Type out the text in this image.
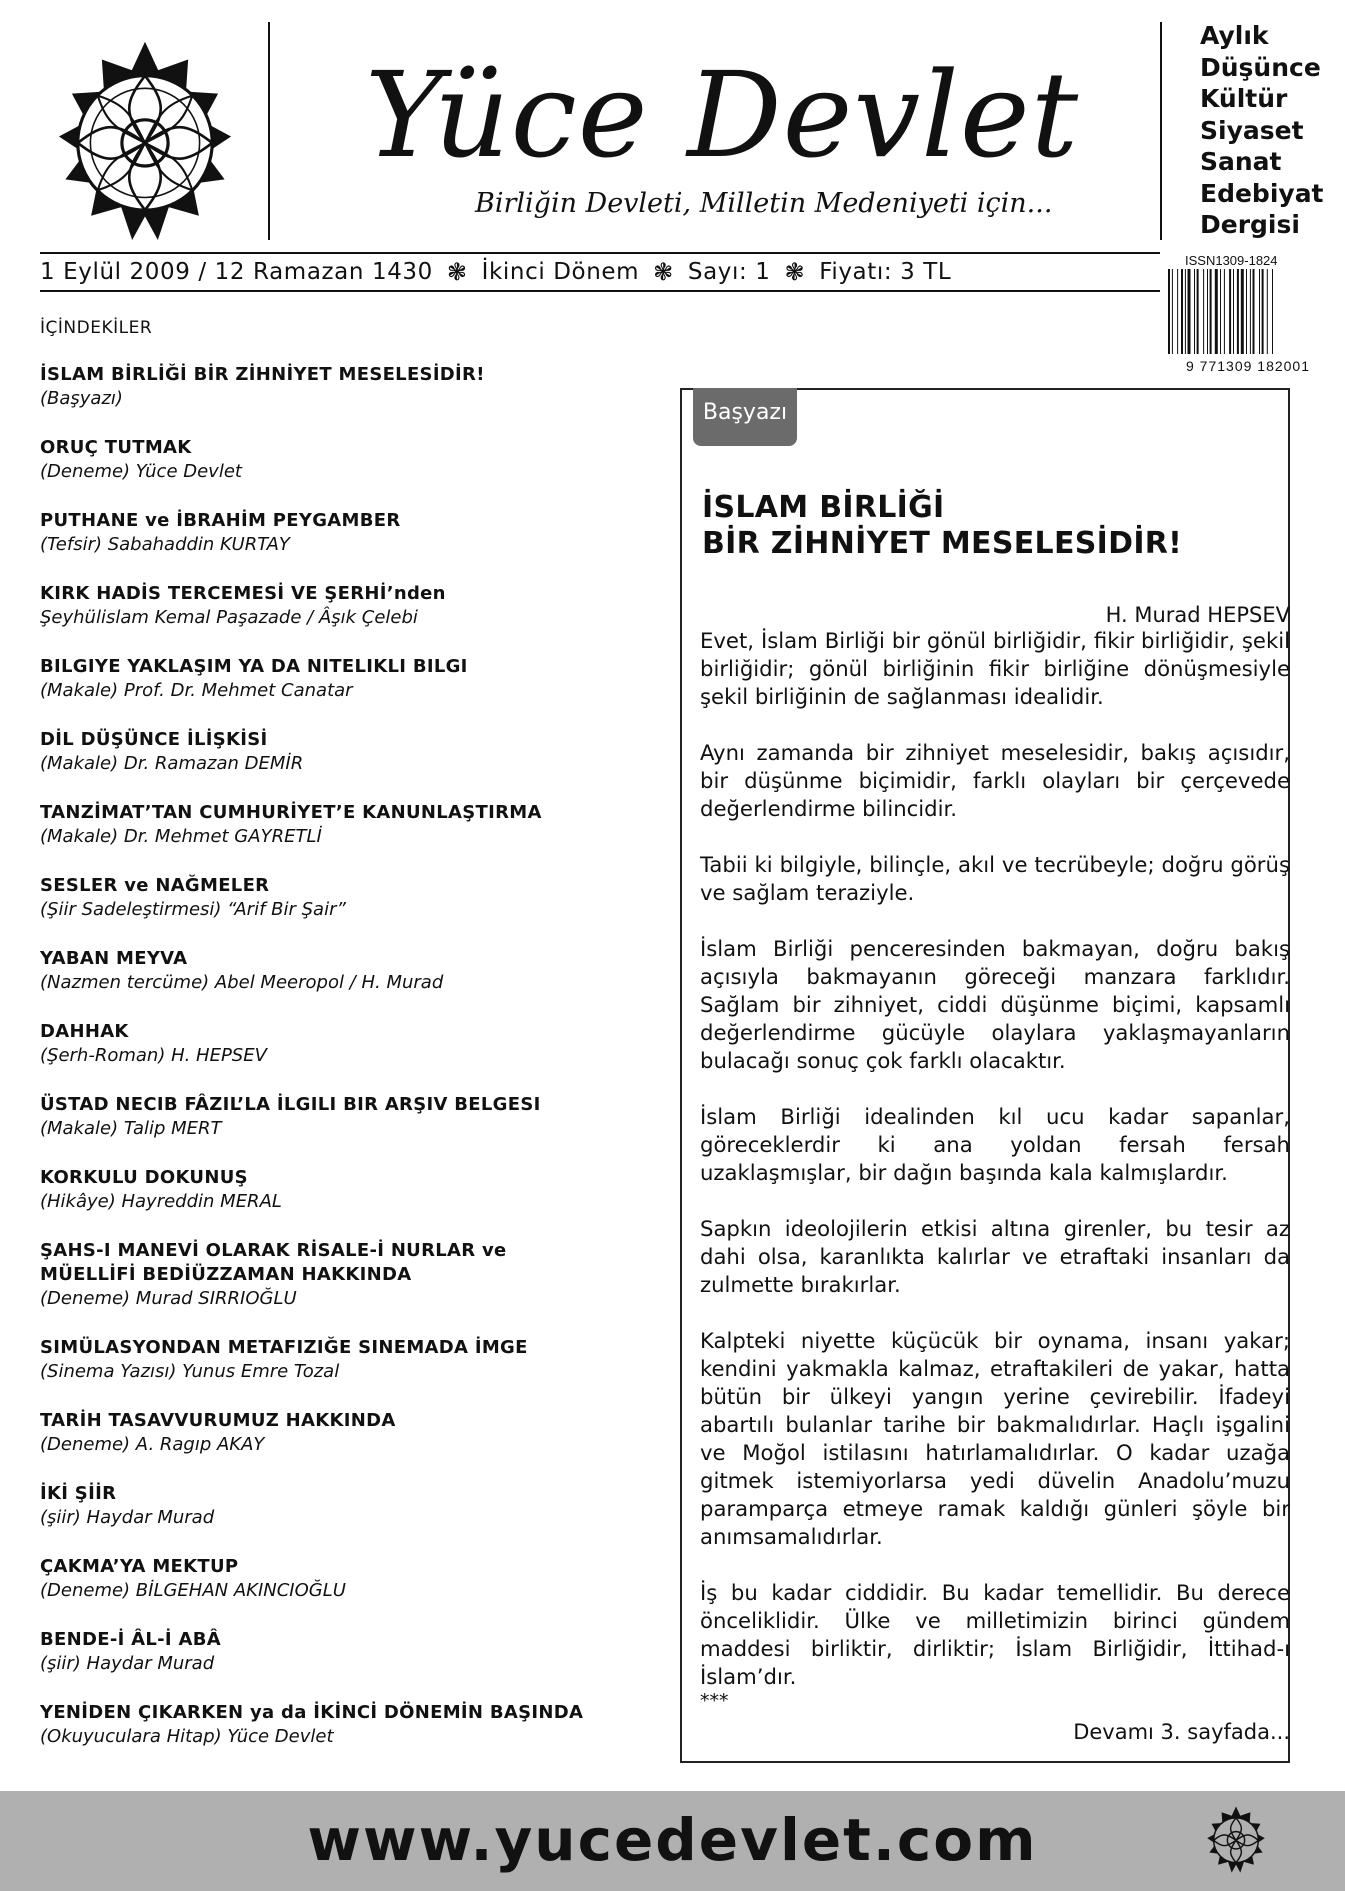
Yüce Devlet
Birliğin Devleti, Milletin Medeniyeti için...
Aylık
Düşünce
Kültür
Siyaset
Sanat
Edebiyat
Dergisi
1 Eylül 2009 / 12 Ramazan 1430 ❃ İkinci Dönem ❃ Sayı: 1 ❃ Fiyatı: 3 TL	ISSN1309-1824
9 771309 182001
İÇİNDEKİLER
İSLAM BİRLİĞİ BİR ZİHNİYET MESELESİDİR!
(Başyazı)
ORUÇ TUTMAK
(Deneme) Yüce Devlet
PUTHANE ve İBRAHİM PEYGAMBER
(Tefsir) Sabahaddin KURTAY
KIRK HADİS TERCEMESİ VE ŞERHİ’nden
Şeyhülislam Kemal Paşazade / Âşık Çelebi
BILGIYE YAKLAŞIM YA DA NITELIKLI BILGI
(Makale) Prof. Dr. Mehmet Canatar
DİL DÜŞÜNCE İLİŞKİSİ
(Makale) Dr. Ramazan DEMİR
TANZİMAT’TAN CUMHURİYET’E KANUNLAŞTIRMA
(Makale) Dr. Mehmet GAYRETLİ
SESLER ve NAĞMELER
(Şiir Sadeleştirmesi) “Arif Bir Şair”
YABAN MEYVA
(Nazmen tercüme) Abel Meeropol / H. Murad
DAHHAK
(Şerh-Roman) H. HEPSEV
ÜSTAD NECIB FÂZIL’LA İLGILI BIR ARŞIV BELGESI
(Makale) Talip MERT
KORKULU DOKUNUŞ
(Hikâye) Hayreddin MERAL
ŞAHS-I MANEVİ OLARAK RİSALE-İ NURLAR ve
MÜELLİFİ BEDİÜZZAMAN HAKKINDA
(Deneme) Murad SIRRIOĞLU
SIMÜLASYONDAN METAFIZIĞE SINEMADA İMGE
(Sinema Yazısı) Yunus Emre Tozal
TARİH TASAVVURUMUZ HAKKINDA
(Deneme) A. Ragıp AKAY
İKİ ŞİİR
(şiir) Haydar Murad
ÇAKMA’YA MEKTUP
(Deneme) BİLGEHAN AKINCIOĞLU
BENDE-İ ÂL-İ ABÂ
(şiir) Haydar Murad
YENİDEN ÇIKARKEN ya da İKİNCİ DÖNEMİN BAŞINDA
(Okuyuculara Hitap) Yüce Devlet
Başyazı
İSLAM BİRLİĞİ
BİR ZİHNİYET MESELESİDİR!
H. Murad HEPSEV

Evet, İslam Birliği bir gönül birliğidir, fikir birliğidir, şekil birliğidir; gönül birliğinin fikir birliğine dönüşmesiyle şekil birliğinin de sağlanması idealidir.

Aynı zamanda bir zihniyet meselesidir, bakış açısıdır, bir düşünme biçimidir, farklı olayları bir çerçevede değerlendirme bilincidir.

Tabii ki bilgiyle, bilinçle, akıl ve tecrübeyle; doğru görüş ve sağlam teraziyle.

İslam Birliği penceresinden bakmayan, doğru bakış açısıyla bakmayanın göreceği manzara farklıdır. Sağlam bir zihniyet, ciddi düşünme biçimi, kapsamlı değerlendirme gücüyle olaylara yaklaşmayanların bulacağı sonuç çok farklı olacaktır.

İslam Birliği idealinden kıl ucu kadar sapanlar, göreceklerdir ki ana yoldan fersah fersah uzaklaşmışlar, bir dağın başında kala kalmışlardır.

Sapkın ideolojilerin etkisi altına girenler, bu tesir az dahi olsa, karanlıkta kalırlar ve etraftaki insanları da zulmette bırakırlar.

Kalpteki niyette küçücük bir oynama, insanı yakar; kendini yakmakla kalmaz, etraftakileri de yakar, hatta bütün bir ülkeyi yangın yerine çevirebilir. İfadeyi abartılı bulanlar tarihe bir bakmalıdırlar. Haçlı işgalini ve Moğol istilasını hatırlamalıdırlar. O kadar uzağa gitmek istemiyorlarsa yedi düvelin Anadolu’muzu paramparça etmeye ramak kaldığı günleri şöyle bir anımsamalıdırlar.

İş bu kadar ciddidir. Bu kadar temellidir. Bu derece önceliklidir. Ülke ve milletimizin birinci gündem maddesi birliktir, dirliktir; İslam Birliğidir, İttihad-ı İslam’dır.

***
Devamı 3. sayfada...
www.yucedevlet.com
